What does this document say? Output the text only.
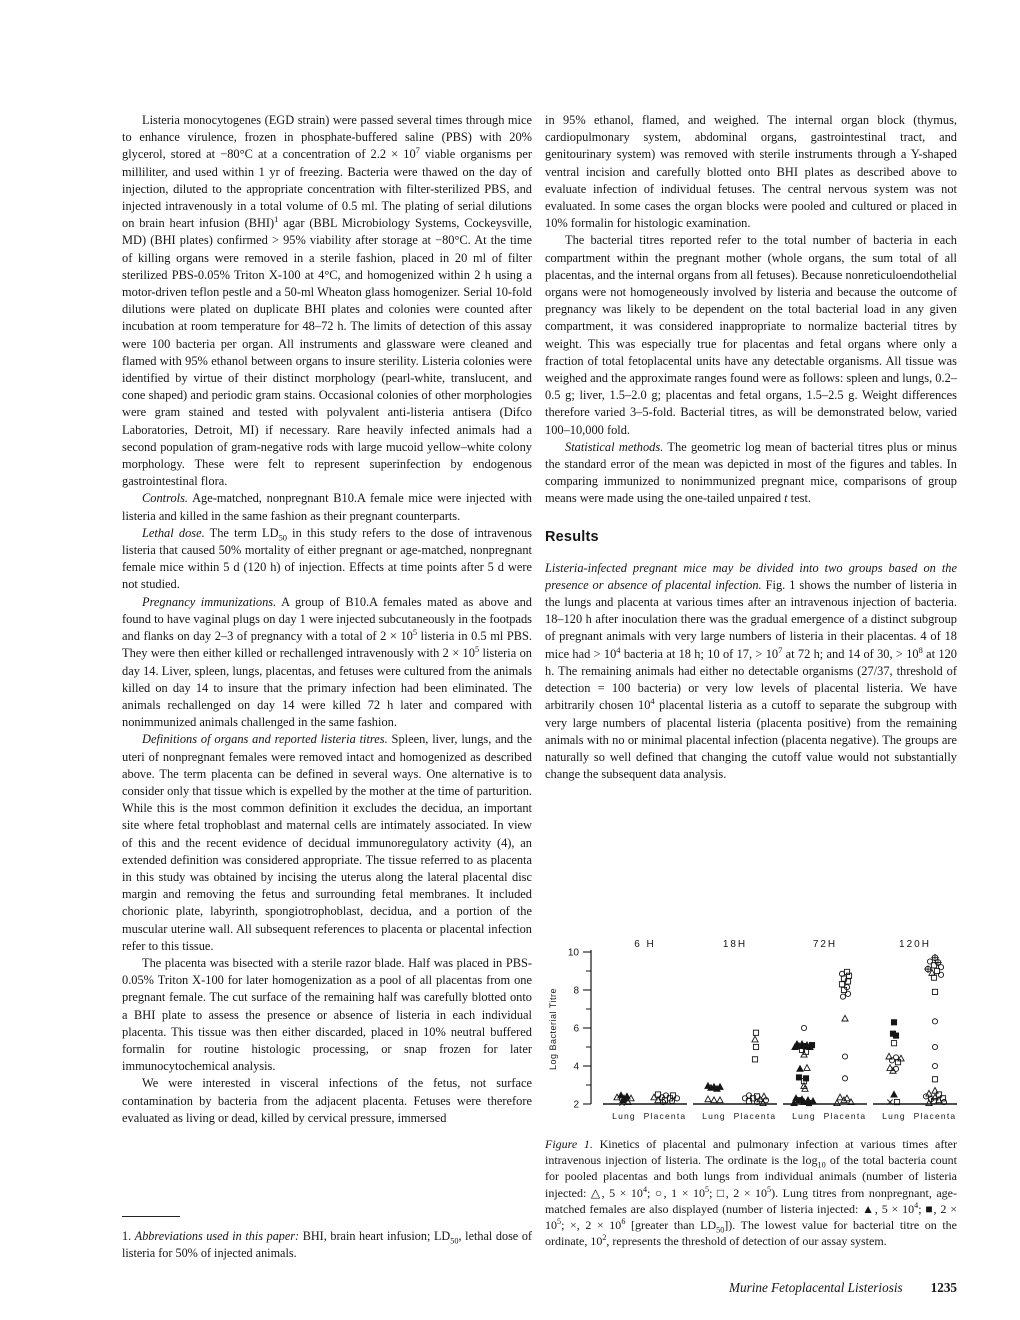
Listeria monocytogenes (EGD strain) were passed several times through mice to enhance virulence, frozen in phosphate-buffered saline (PBS) with 20% glycerol, stored at −80°C at a concentration of $2.2 \times 10^7$ viable organisms per milliliter, and used within 1 yr of freezing. Bacteria were thawed on the day of injection, diluted to the appropriate concentration with filter-sterilized PBS, and injected intravenously in a total volume of 0.5 ml. The plating of serial dilutions on brain heart infusion (BHI)$^1$ agar (BBL Microbiology Systems, Cockeysville, MD) (BHI plates) confirmed > 95% viability after storage at −80°C. At the time of killing organs were removed in a sterile fashion, placed in 20 ml of filter sterilized PBS-0.05% Triton X-100 at 4°C, and homogenized within 2 h using a motor-driven teflon pestle and a 50-ml Wheaton glass homogenizer. Serial 10-fold dilutions were plated on duplicate BHI plates and colonies were counted after incubation at room temperature for 48–72 h. The limits of detection of this assay were 100 bacteria per organ. All instruments and glassware were cleaned and flamed with 95% ethanol between organs to insure sterility. Listeria colonies were identified by virtue of their distinct morphology (pearl-white, translucent, and cone shaped) and periodic gram stains. Occasional colonies of other morphologies were gram stained and tested with polyvalent anti-listeria antisera (Difco Laboratories, Detroit, MI) if necessary. Rare heavily infected animals had a second population of gram-negative rods with large mucoid yellow–white colony morphology. These were felt to represent superinfection by endogenous gastrointestinal flora.

Controls. Age-matched, nonpregnant B10.A female mice were injected with listeria and killed in the same fashion as their pregnant counterparts.

Lethal dose. The term $LD_{50}$ in this study refers to the dose of intravenous listeria that caused 50% mortality of either pregnant or age-matched, nonpregnant female mice within 5 d (120 h) of injection. Effects at time points after 5 d were not studied.

Pregnancy immunizations. A group of B10.A females mated as above and found to have vaginal plugs on day 1 were injected subcutaneously in the footpads and flanks on day 2–3 of pregnancy with a total of $2 \times 10^5$ listeria in 0.5 ml PBS. They were then either killed or rechallenged intravenously with $2 \times 10^5$ listeria on day 14. Liver, spleen, lungs, placentas, and fetuses were cultured from the animals killed on day 14 to insure that the primary infection had been eliminated. The animals rechallenged on day 14 were killed 72 h later and compared with nonimmunized animals challenged in the same fashion.

Definitions of organs and reported listeria titres. Spleen, liver, lungs, and the uteri of nonpregnant females were removed intact and homogenized as described above. The term placenta can be defined in several ways. One alternative is to consider only that tissue which is expelled by the mother at the time of parturition. While this is the most common definition it excludes the decidua, an important site where fetal trophoblast and maternal cells are intimately associated. In view of this and the recent evidence of decidual immunoregulatory activity (4), an extended definition was considered appropriate. The tissue referred to as placenta in this study was obtained by incising the uterus along the lateral placental disc margin and removing the fetus and surrounding fetal membranes. It included chorionic plate, labyrinth, spongiotrophoblast, decidua, and a portion of the muscular uterine wall. All subsequent references to placenta or placental infection refer to this tissue.

The placenta was bisected with a sterile razor blade. Half was placed in PBS-0.05% Triton X-100 for later homogenization as a pool of all placentas from one pregnant female. The cut surface of the remaining half was carefully blotted onto a BHI plate to assess the presence or absence of listeria in each individual placenta. This tissue was then either discarded, placed in 10% neutral buffered formalin for routine histologic processing, or snap frozen for later immunocytochemical analysis.

We were interested in visceral infections of the fetus, not surface contamination by bacteria from the adjacent placenta. Fetuses were therefore evaluated as living or dead, killed by cervical pressure, immersed

in 95% ethanol, flamed, and weighed. The internal organ block (thymus, cardiopulmonary system, abdominal organs, gastrointestinal tract, and genitourinary system) was removed with sterile instruments through a Y-shaped ventral incision and carefully blotted onto BHI plates as described above to evaluate infection of individual fetuses. The central nervous system was not evaluated. In some cases the organ blocks were pooled and cultured or placed in 10% formalin for histologic examination.

The bacterial titres reported refer to the total number of bacteria in each compartment within the pregnant mother (whole organs, the sum total of all placentas, and the internal organs from all fetuses). Because nonreticuloendothelial organs were not homogeneously involved by listeria and because the outcome of pregnancy was likely to be dependent on the total bacterial load in any given compartment, it was considered inappropriate to normalize bacterial titres by weight. This was especially true for placentas and fetal organs where only a fraction of total fetoplacental units have any detectable organisms. All tissue was weighed and the approximate ranges found were as follows: spleen and lungs, 0.2–0.5 g; liver, 1.5–2.0 g; placentas and fetal organs, 1.5–2.5 g. Weight differences therefore varied 3–5-fold. Bacterial titres, as will be demonstrated below, varied 100–10,000 fold.

Statistical methods. The geometric log mean of bacterial titres plus or minus the standard error of the mean was depicted in most of the figures and tables. In comparing immunized to nonimmunized pregnant mice, comparisons of group means were made using the one-tailed unpaired t test.

Results

Listeria-infected pregnant mice may be divided into two groups based on the presence or absence of placental infection. Fig. 1 shows the number of listeria in the lungs and placenta at various times after an intravenous injection of bacteria. 18–120 h after inoculation there was the gradual emergence of a distinct subgroup of pregnant animals with very large numbers of listeria in their placentas. 4 of 18 mice had > $10^4$ bacteria at 18 h; 10 of 17, > $10^7$ at 72 h; and 14 of 30, > $10^8$ at 120 h. The remaining animals had either no detectable organisms (27/37, threshold of detection = 100 bacteria) or very low levels of placental listeria. We have arbitrarily chosen $10^4$ placental listeria as a cutoff to separate the subgroup with very large numbers of placental listeria (placenta positive) from the remaining animals with no or minimal placental infection (placenta negative). The groups are naturally so well defined that changing the cutoff value would not substantially change the subsequent data analysis.

2
4
6
8
10
Log Bacterial Titre
6 H
Lung Placenta
18H
Lung Placenta
72H
Lung Placenta
120H
Lung Placenta
Figure 1. Kinetics of placental and pulmonary infection at various times after intravenous injection of listeria. The ordinate is the $\log_{10}$ of the total bacteria count for pooled placentas and both lungs from individual animals (number of listeria injected: △, $5 \times 10^4$; ○, $1 \times 10^5$; □, $2 \times 10^5$). Lung titres from nonpregnant, age-matched females are also displayed (number of listeria injected: ▲, $5 \times 10^4$; ■, $2 \times 10^5$; ×, $2 \times 10^6$ [greater than $LD_{50}$]). The lowest value for bacterial titre on the ordinate, $10^2$, represents the threshold of detection of our assay system.

1. Abbreviations used in this paper: BHI, brain heart infusion; $LD_{50}$, lethal dose of listeria for 50% of injected animals.

Murine Fetoplacental Listeriosis 1235
